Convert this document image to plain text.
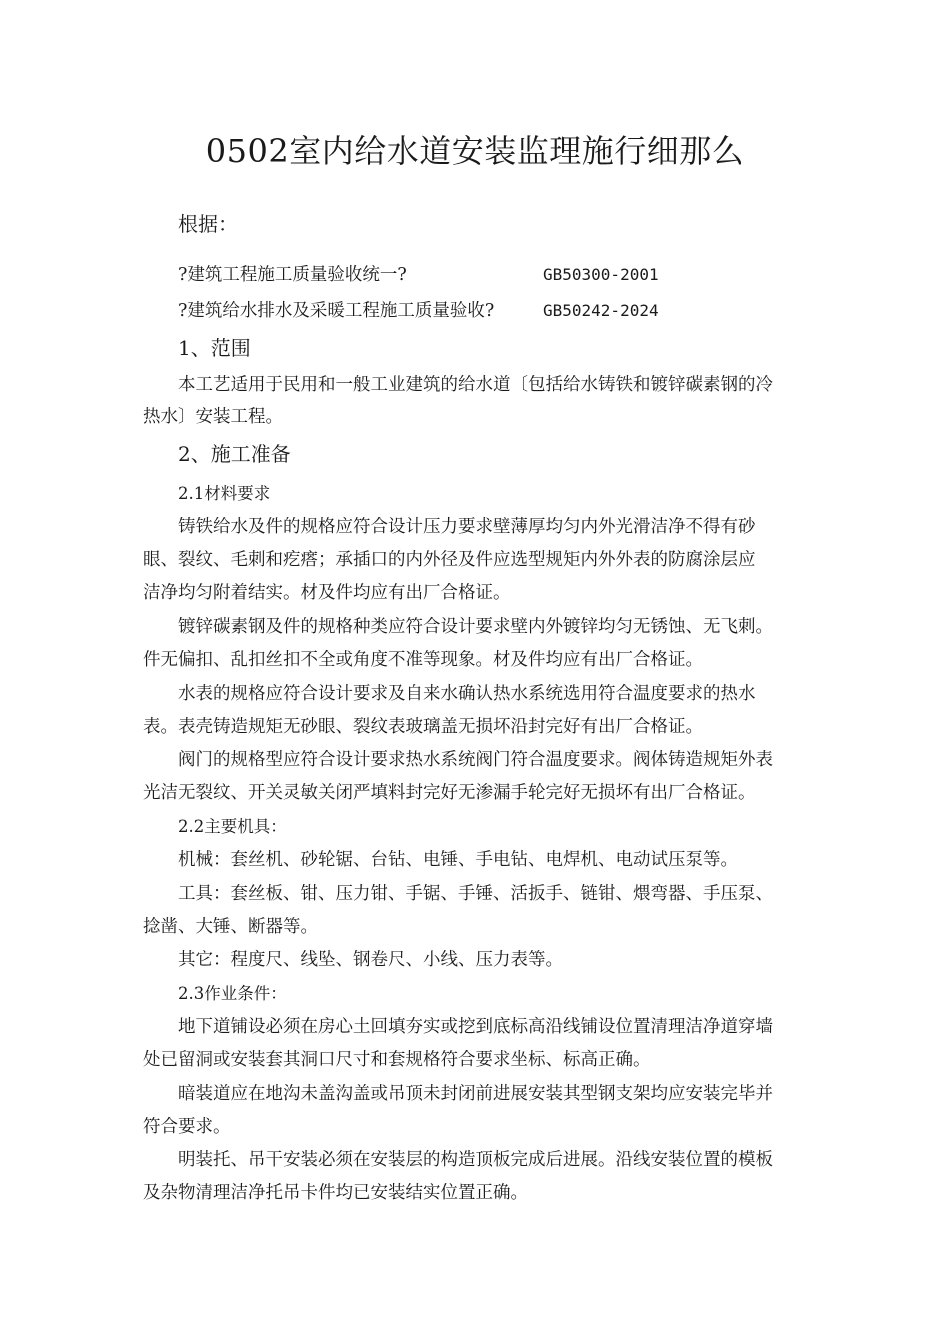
0502室内给水道安装监理施行细那么
根据：
?建筑工程施工质量验收统一?	GB50300-2001
?建筑给水排水及采暖工程施工质量验收?	GB50242-2024
1、范围
本工艺适用于民用和一般工业建筑的给水道〔包括给水铸铁和镀锌碳素钢的冷
热水〕安装工程。
2、施工准备
2.1材料要求
铸铁给水及件的规格应符合设计压力要求壁薄厚均匀内外光滑洁净不得有砂
眼、裂纹、毛刺和疙瘩；承插口的内外径及件应选型规矩内外外表的防腐涂层应
洁净均匀附着结实。材及件均应有出厂合格证。
镀锌碳素钢及件的规格种类应符合设计要求壁内外镀锌均匀无锈蚀、无飞刺。
件无偏扣、乱扣丝扣不全或角度不准等现象。材及件均应有出厂合格证。
水表的规格应符合设计要求及自来水确认热水系统选用符合温度要求的热水
表。表壳铸造规矩无砂眼、裂纹表玻璃盖无损坏沿封完好有出厂合格证。
阀门的规格型应符合设计要求热水系统阀门符合温度要求。阀体铸造规矩外表
光洁无裂纹、开关灵敏关闭严填料封完好无渗漏手轮完好无损坏有出厂合格证。
2.2主要机具：
机械：套丝机、砂轮锯、台钻、电锤、手电钻、电焊机、电动试压泵等。
工具：套丝板、钳、压力钳、手锯、手锤、活扳手、链钳、煨弯器、手压泵、
捻凿、大锤、断器等。
其它：程度尺、线坠、钢卷尺、小线、压力表等。
2.3作业条件：
地下道铺设必须在房心土回填夯实或挖到底标高沿线铺设位置清理洁净道穿墙
处已留洞或安装套其洞口尺寸和套规格符合要求坐标、标高正确。
暗装道应在地沟未盖沟盖或吊顶未封闭前进展安装其型钢支架均应安装完毕并
符合要求。
明装托、吊干安装必须在安装层的构造顶板完成后进展。沿线安装位置的模板
及杂物清理洁净托吊卡件均已安装结实位置正确。
